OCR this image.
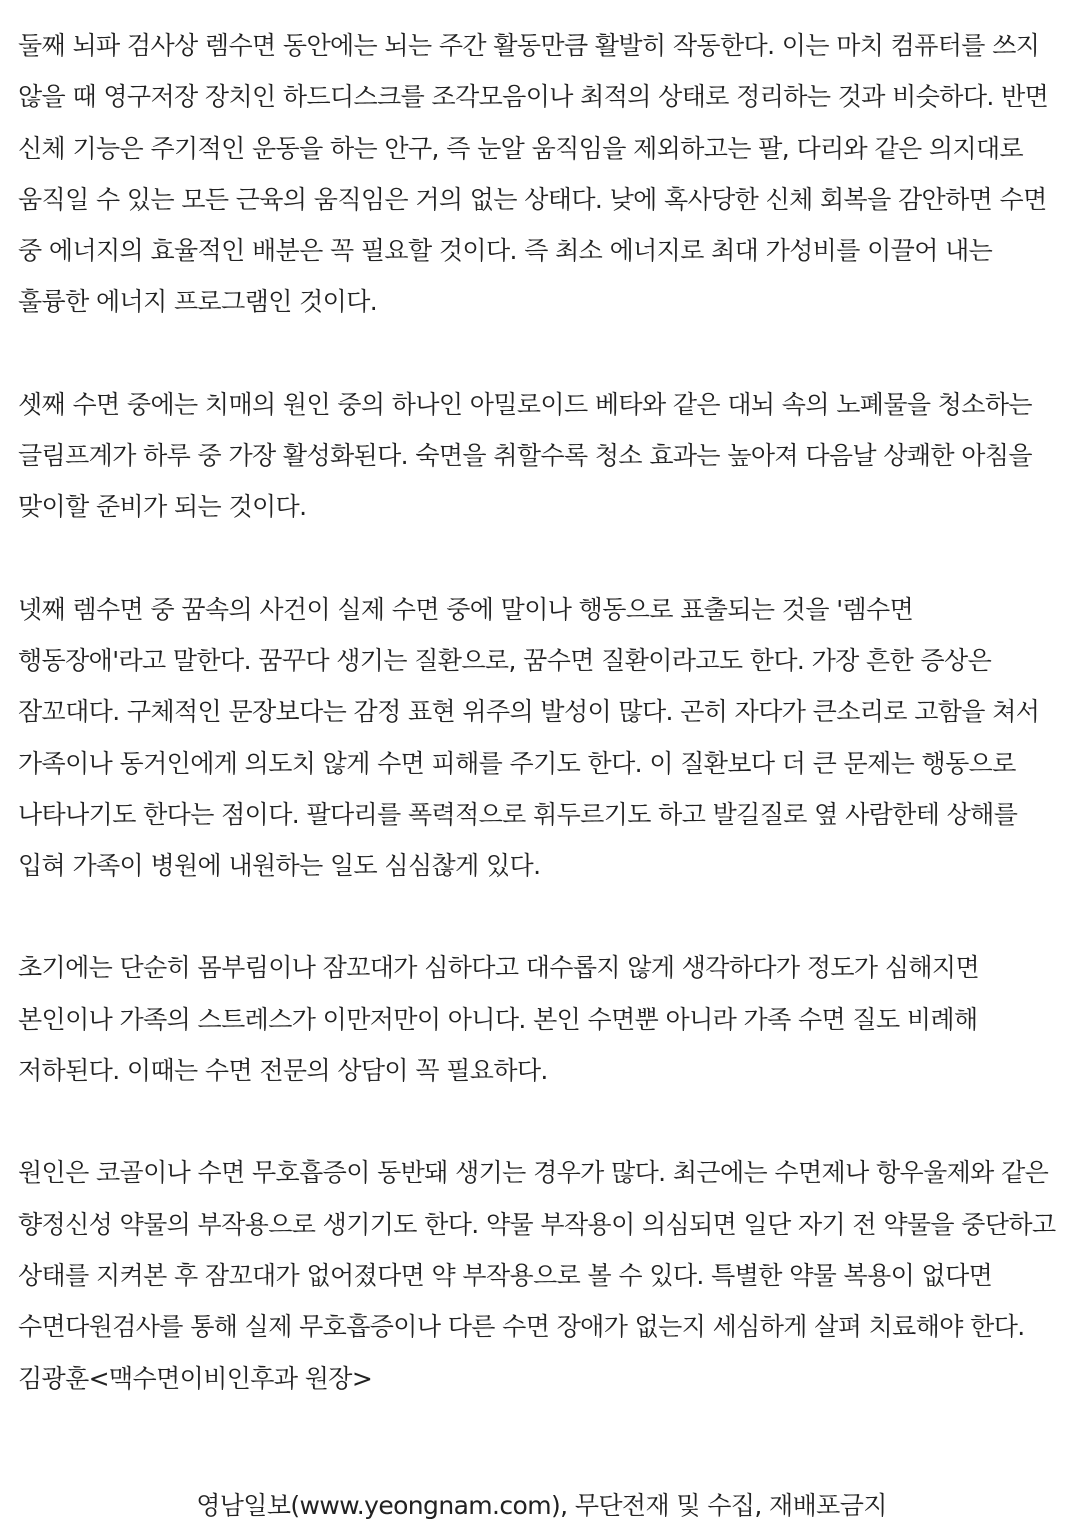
둘째 뇌파 검사상 렘수면 동안에는 뇌는 주간 활동만큼 활발히 작동한다. 이는 마치 컴퓨터를 쓰지 않을 때 영구저장 장치인 하드디스크를 조각모음이나 최적의 상태로 정리하는 것과 비슷하다. 반면 신체 기능은 주기적인 운동을 하는 안구, 즉 눈알 움직임을 제외하고는 팔, 다리와 같은 의지대로 움직일 수 있는 모든 근육의 움직임은 거의 없는 상태다. 낮에 혹사당한 신체 회복을 감안하면 수면 중 에너지의 효율적인 배분은 꼭 필요할 것이다. 즉 최소 에너지로 최대 가성비를 이끌어 내는 훌륭한 에너지 프로그램인 것이다.

셋째 수면 중에는 치매의 원인 중의 하나인 아밀로이드 베타와 같은 대뇌 속의 노폐물을 청소하는 글림프계가 하루 중 가장 활성화된다. 숙면을 취할수록 청소 효과는 높아져 다음날 상쾌한 아침을 맞이할 준비가 되는 것이다.

넷째 렘수면 중 꿈속의 사건이 실제 수면 중에 말이나 행동으로 표출되는 것을 '렘수면 행동장애'라고 말한다. 꿈꾸다 생기는 질환으로, 꿈수면 질환이라고도 한다. 가장 흔한 증상은 잠꼬대다. 구체적인 문장보다는 감정 표현 위주의 발성이 많다. 곤히 자다가 큰소리로 고함을 쳐서 가족이나 동거인에게 의도치 않게 수면 피해를 주기도 한다. 이 질환보다 더 큰 문제는 행동으로 나타나기도 한다는 점이다. 팔다리를 폭력적으로 휘두르기도 하고 발길질로 옆 사람한테 상해를 입혀 가족이 병원에 내원하는 일도 심심찮게 있다.

초기에는 단순히 몸부림이나 잠꼬대가 심하다고 대수롭지 않게 생각하다가 정도가 심해지면 본인이나 가족의 스트레스가 이만저만이 아니다. 본인 수면뿐 아니라 가족 수면 질도 비례해 저하된다. 이때는 수면 전문의 상담이 꼭 필요하다.

원인은 코골이나 수면 무호흡증이 동반돼 생기는 경우가 많다. 최근에는 수면제나 항우울제와 같은 향정신성 약물의 부작용으로 생기기도 한다. 약물 부작용이 의심되면 일단 자기 전 약물을 중단하고 상태를 지켜본 후 잠꼬대가 없어졌다면 약 부작용으로 볼 수 있다. 특별한 약물 복용이 없다면 수면다원검사를 통해 실제 무호흡증이나 다른 수면 장애가 없는지 세심하게 살펴 치료해야 한다.

김광훈<맥수면이비인후과 원장>

영남일보(www.yeongnam.com), 무단전재 및 수집, 재배포금지
